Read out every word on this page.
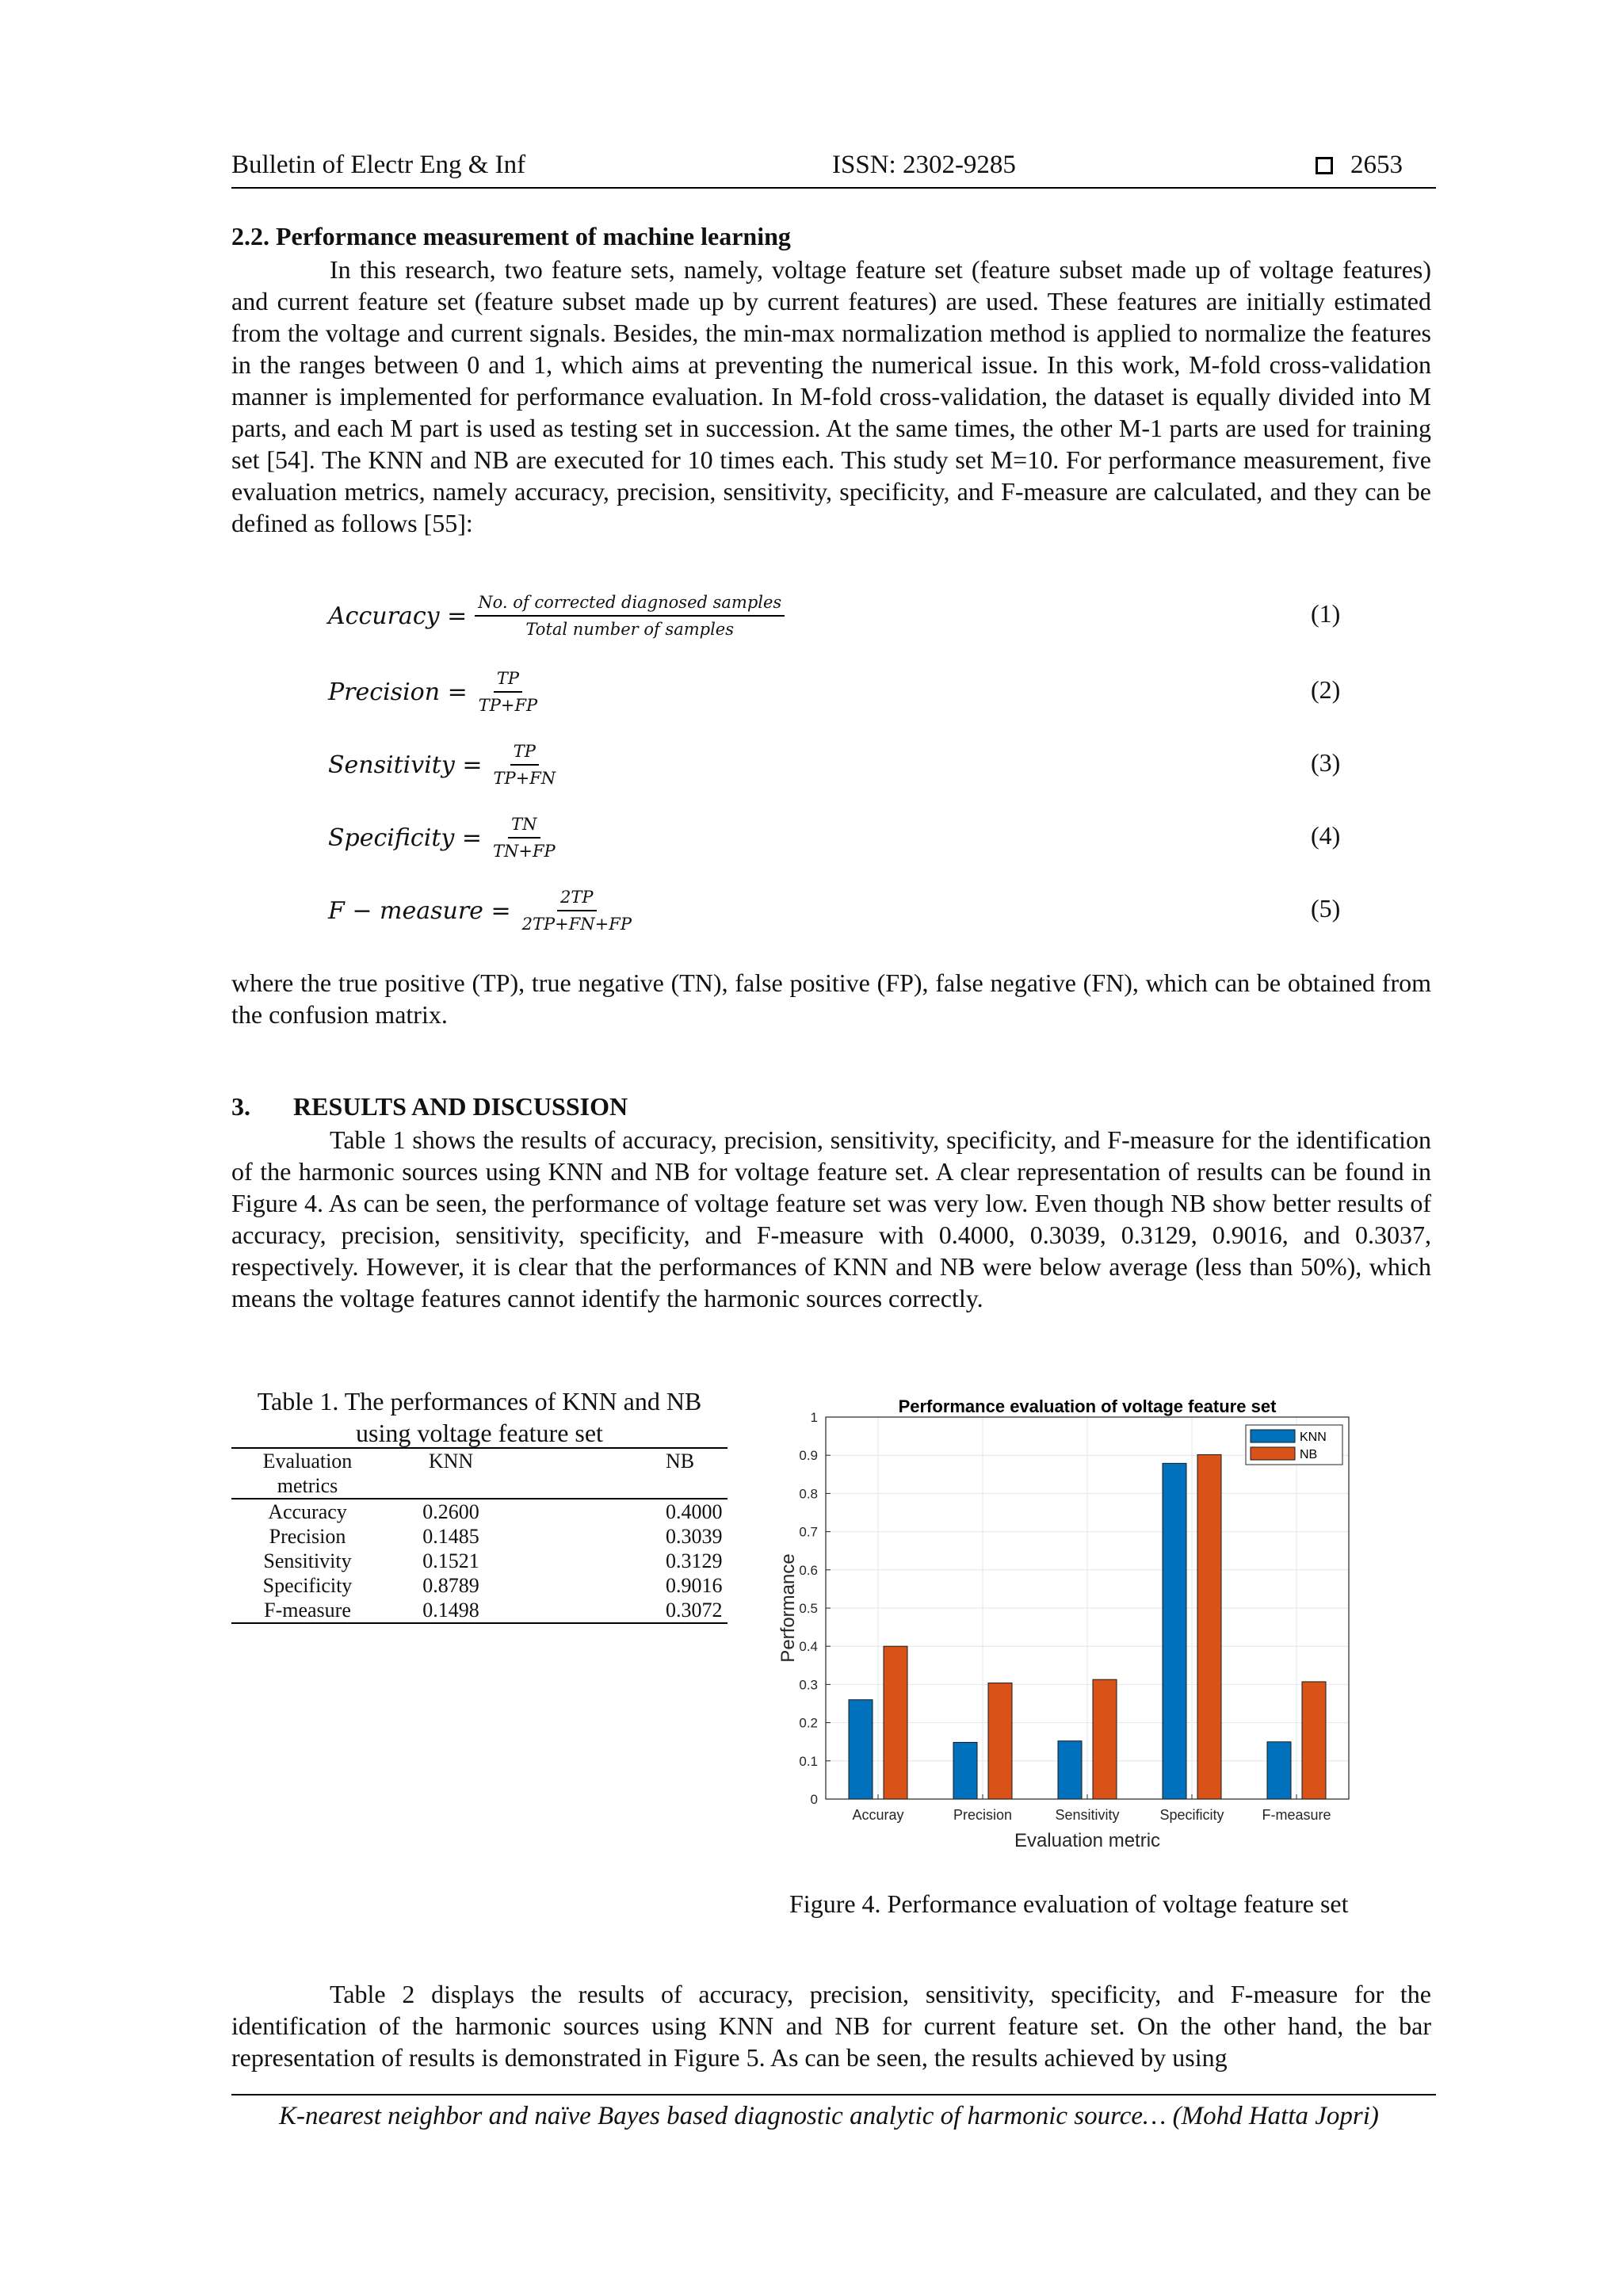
Bulletin of Electr Eng & Inf	ISSN: 2302-9285	2653
2.2. Performance measurement of machine learning

In this research, two feature sets, namely, voltage feature set (feature subset made up of voltage features) and current feature set (feature subset made up by current features) are used. These features are initially estimated from the voltage and current signals. Besides, the min-max normalization method is applied to normalize the features in the ranges between 0 and 1, which aims at preventing the numerical issue. In this work, M-fold cross-validation manner is implemented for performance evaluation. In M-fold cross-validation, the dataset is equally divided into M parts, and each M part is used as testing set in succession. At the same times, the other M-1 parts are used for training set [54]. The KNN and NB are executed for 10 times each. This study set M=10. For performance measurement, five evaluation metrics, namely accuracy, precision, sensitivity, specificity, and F-measure are calculated, and they can be defined as follows [55]:

Accuracy = $\frac{\text{No. of corrected diagnosed samples}}{\text{Total number of samples}}$	(1)
Precision = $\frac{TP}{TP+FP}$	(2)
Sensitivity = $\frac{TP}{TP+FN}$	(3)
Specificity = $\frac{TN}{TN+FP}$	(4)
F − measure = $\frac{2TP}{2TP+FN+FP}$	(5)

where the true positive (TP), true negative (TN), false positive (FP), false negative (FN), which can be obtained from the confusion matrix.

3. RESULTS AND DISCUSSION

Table 1 shows the results of accuracy, precision, sensitivity, specificity, and F-measure for the identification of the harmonic sources using KNN and NB for voltage feature set. A clear representation of results can be found in Figure 4. As can be seen, the performance of voltage feature set was very low. Even though NB show better results of accuracy, precision, sensitivity, specificity, and F-measure with 0.4000, 0.3039, 0.3129, 0.9016, and 0.3037, respectively. However, it is clear that the performances of KNN and NB were below average (less than 50%), which means the voltage features cannot identify the harmonic sources correctly.

Table 1. The performances of KNN and NB
using voltage feature set
Evaluation
metrics	KNN	NB
Accuracy	0.2600	0.4000
Precision	0.1485	0.3039
Sensitivity	0.1521	0.3129
Specificity	0.8789	0.9016
F-measure	0.1498	0.3072
0
0.1
0.2
0.3
0.4
0.5
0.6
0.7
0.8
0.9
1
Accuray	Precision	Sensitivity	Specificity	F-measure
Performance evaluation of voltage feature set
Evaluation metric
Performance
KNN
NB
Figure 4. Performance evaluation of voltage feature set

Table 2 displays the results of accuracy, precision, sensitivity, specificity, and F-measure for the identification of the harmonic sources using KNN and NB for current feature set. On the other hand, the bar representation of results is demonstrated in Figure 5. As can be seen, the results achieved by using

K-nearest neighbor and naïve Bayes based diagnostic analytic of harmonic source… (Mohd Hatta Jopri)
